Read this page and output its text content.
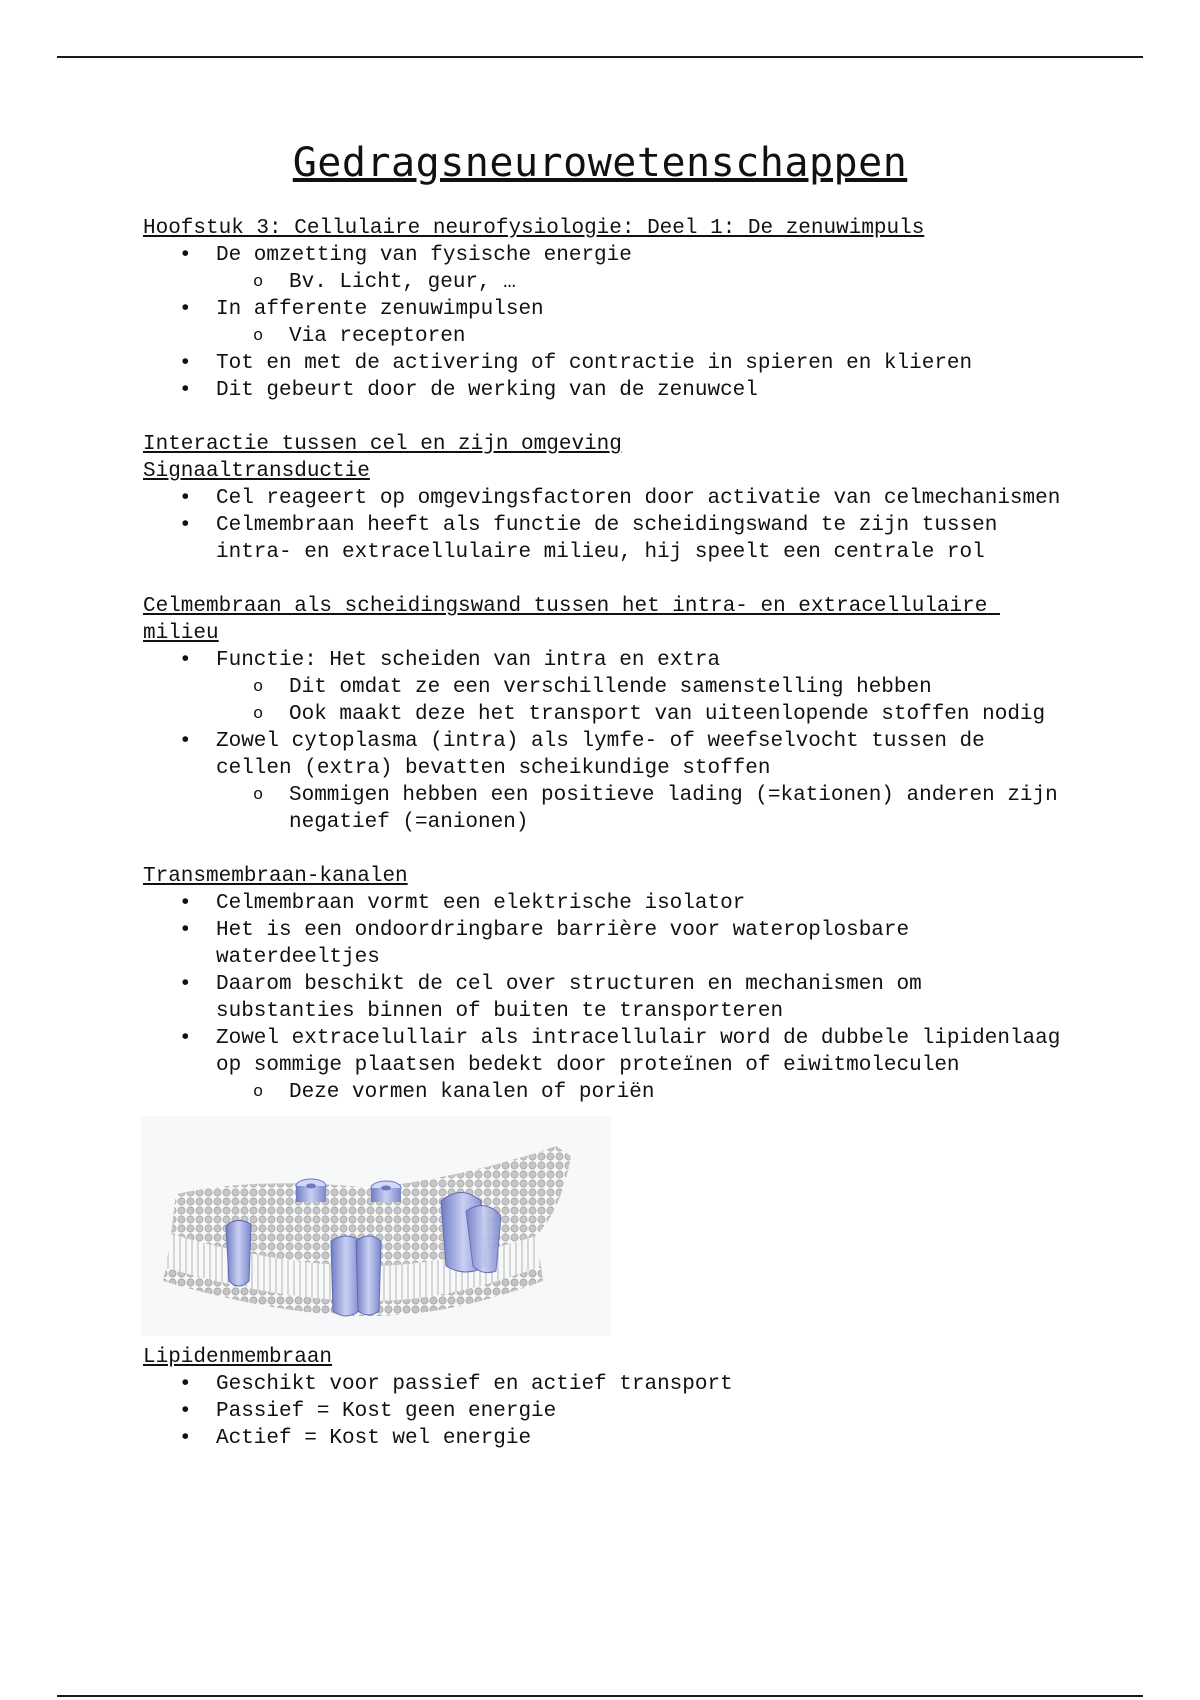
Gedragsneurowetenschappen
Hoofstuk 3: Cellulaire neurofysiologie: Deel 1: De zenuwimpuls
• De omzetting van fysische energie
o Bv. Licht, geur, …
• In afferente zenuwimpulsen
o Via receptoren
• Tot en met de activering of contractie in spieren en klieren
• Dit gebeurt door de werking van de zenuwcel
Interactie tussen cel en zijn omgeving
Signaaltransductie
• Cel reageert op omgevingsfactoren door activatie van celmechanismen
• Celmembraan heeft als functie de scheidingswand te zijn tussen intra- en extracellulaire milieu, hij speelt een centrale rol
Celmembraan als scheidingswand tussen het intra- en extracellulaire milieu
• Functie: Het scheiden van intra en extra
o Dit omdat ze een verschillende samenstelling hebben
o Ook maakt deze het transport van uiteenlopende stoffen nodig
• Zowel cytoplasma (intra) als lymfe- of weefselvocht tussen de cellen (extra) bevatten scheikundige stoffen
o Sommigen hebben een positieve lading (=kationen) anderen zijn negatief (=anionen)
Transmembraan-kanalen
• Celmembraan vormt een elektrische isolator
• Het is een ondoordringbare barrière voor wateroplosbare waterdeeltjes
• Daarom beschikt de cel over structuren en mechanismen om substanties binnen of buiten te transporteren
• Zowel extracelullair als intracellulair word de dubbele lipidenlaag op sommige plaatsen bedekt door proteïnen of eiwitmoleculen
o Deze vormen kanalen of poriën
Lipidenmembraan
• Geschikt voor passief en actief transport
• Passief = Kost geen energie
• Actief = Kost wel energie
